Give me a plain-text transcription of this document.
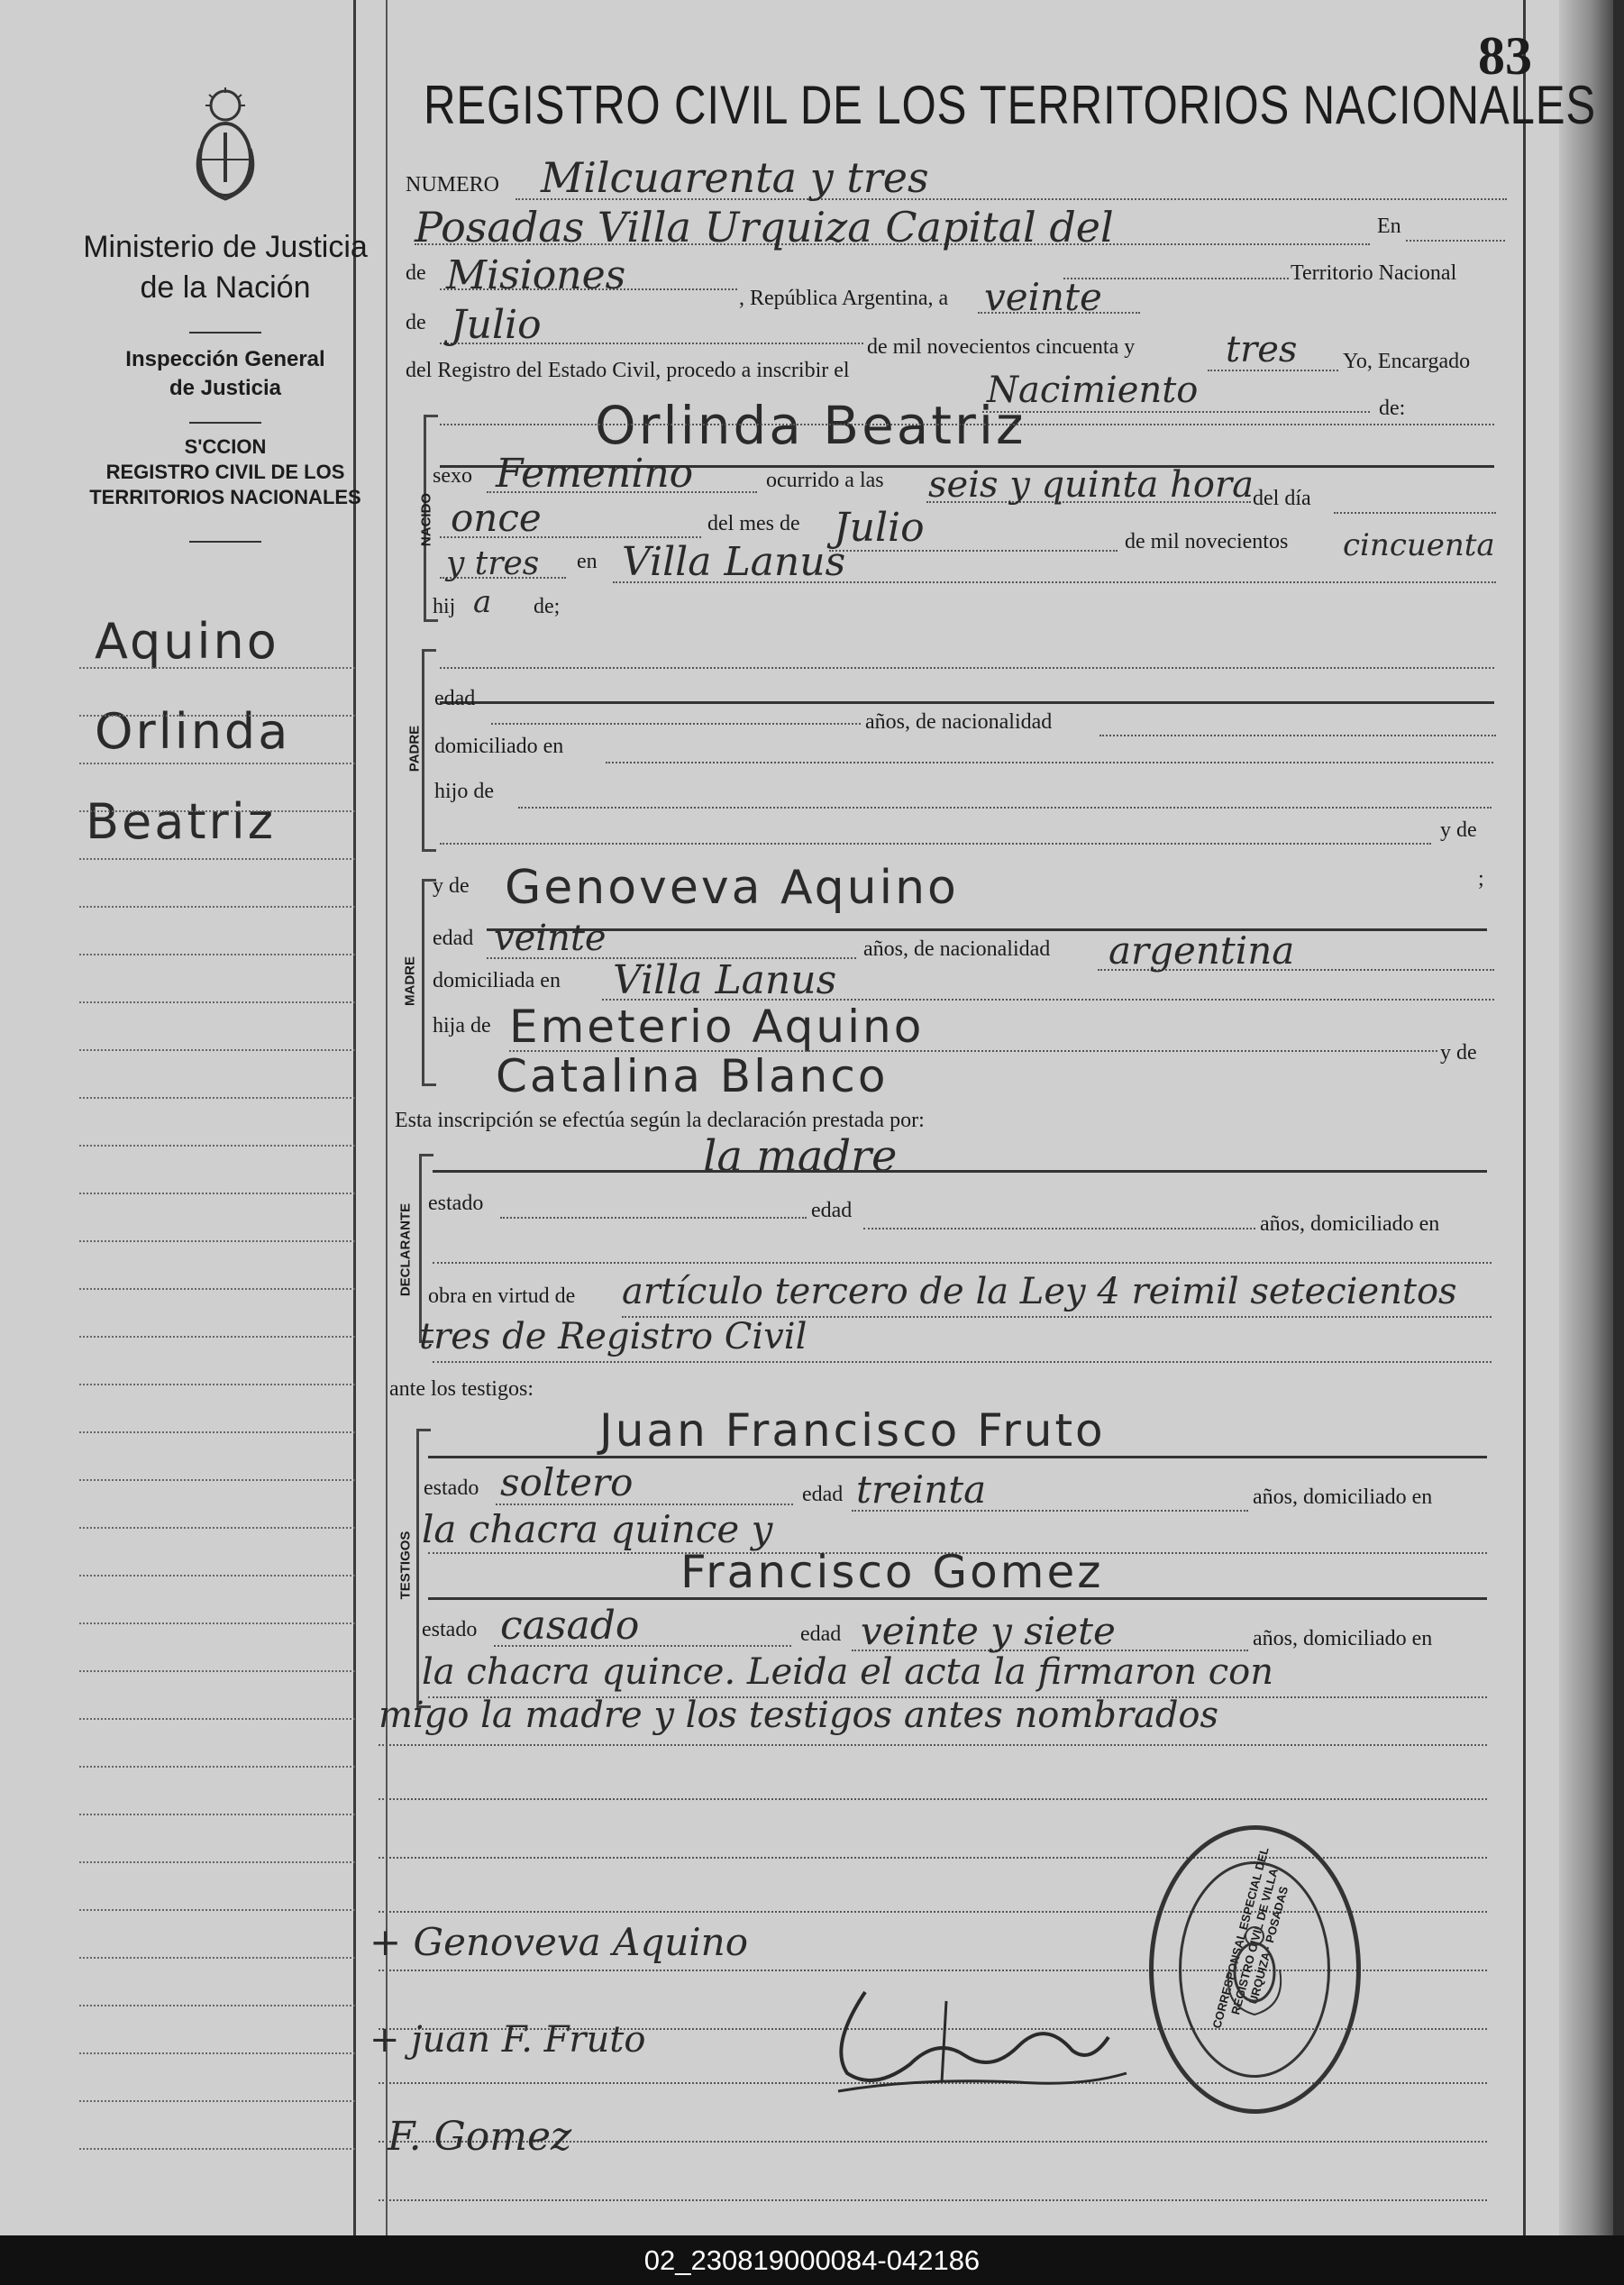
83
Ministerio de Justicia
de la Nación
Inspección General
de Justicia
S'CCION
REGISTRO CIVIL DE LOS
TERRITORIOS NACIONALES
Aquino
Orlinda
Beatriz
REGISTRO CIVIL DE LOS TERRITORIOS NACIONALES
NUMERO Milcuarenta y tres
Posadas Villa Urquiza Capital del	En
de Misiones	Territorio Nacional
, República Argentina, a veinte
de Julio	de mil novecientos cincuenta y	tres Yo, Encargado
del Registro del Estado Civil, procedo a inscribir el	Nacimiento	de:
NACIDO
Orlinda Beatriz
sexo Femenino	ocurrido a las seis y quinta hora del día
once	del mes de Julio	de mil novecientos cincuenta
y tres en Villa Lanus
hij a de;
PADRE
edad
años, de nacionalidad
domiciliado en
hijo de
y de
MADRE
y de Genoveva Aquino	;
edad veinte	años, de nacionalidad argentina
domiciliada en Villa Lanus
hija de Emeterio Aquino	y de
Catalina Blanco
Esta inscripción se efectúa según la declaración prestada por:
DECLARANTE
la madre
estado	edad
años, domiciliado en
obra en virtud de artículo tercero de la Ley 4 reimil setecientos
tres de Registro Civil
ante los testigos:
TESTIGOS
Juan Francisco Fruto
estado soltero	edad treinta	años, domiciliado en
la chacra quince y
Francisco Gomez
estado casado	edad veinte y siete	años, domiciliado en
la chacra quince. Leida el acta la firmaron con
migo la madre y los testigos antes nombrados
+ Genoveva Aquino
+ juan F. Fruto
F. Gomez
CORRESPONSAL ESPECIAL DEL REGISTRO CIVIL DE VILLA URQUIZA · POSADAS
02_230819000084-042186
